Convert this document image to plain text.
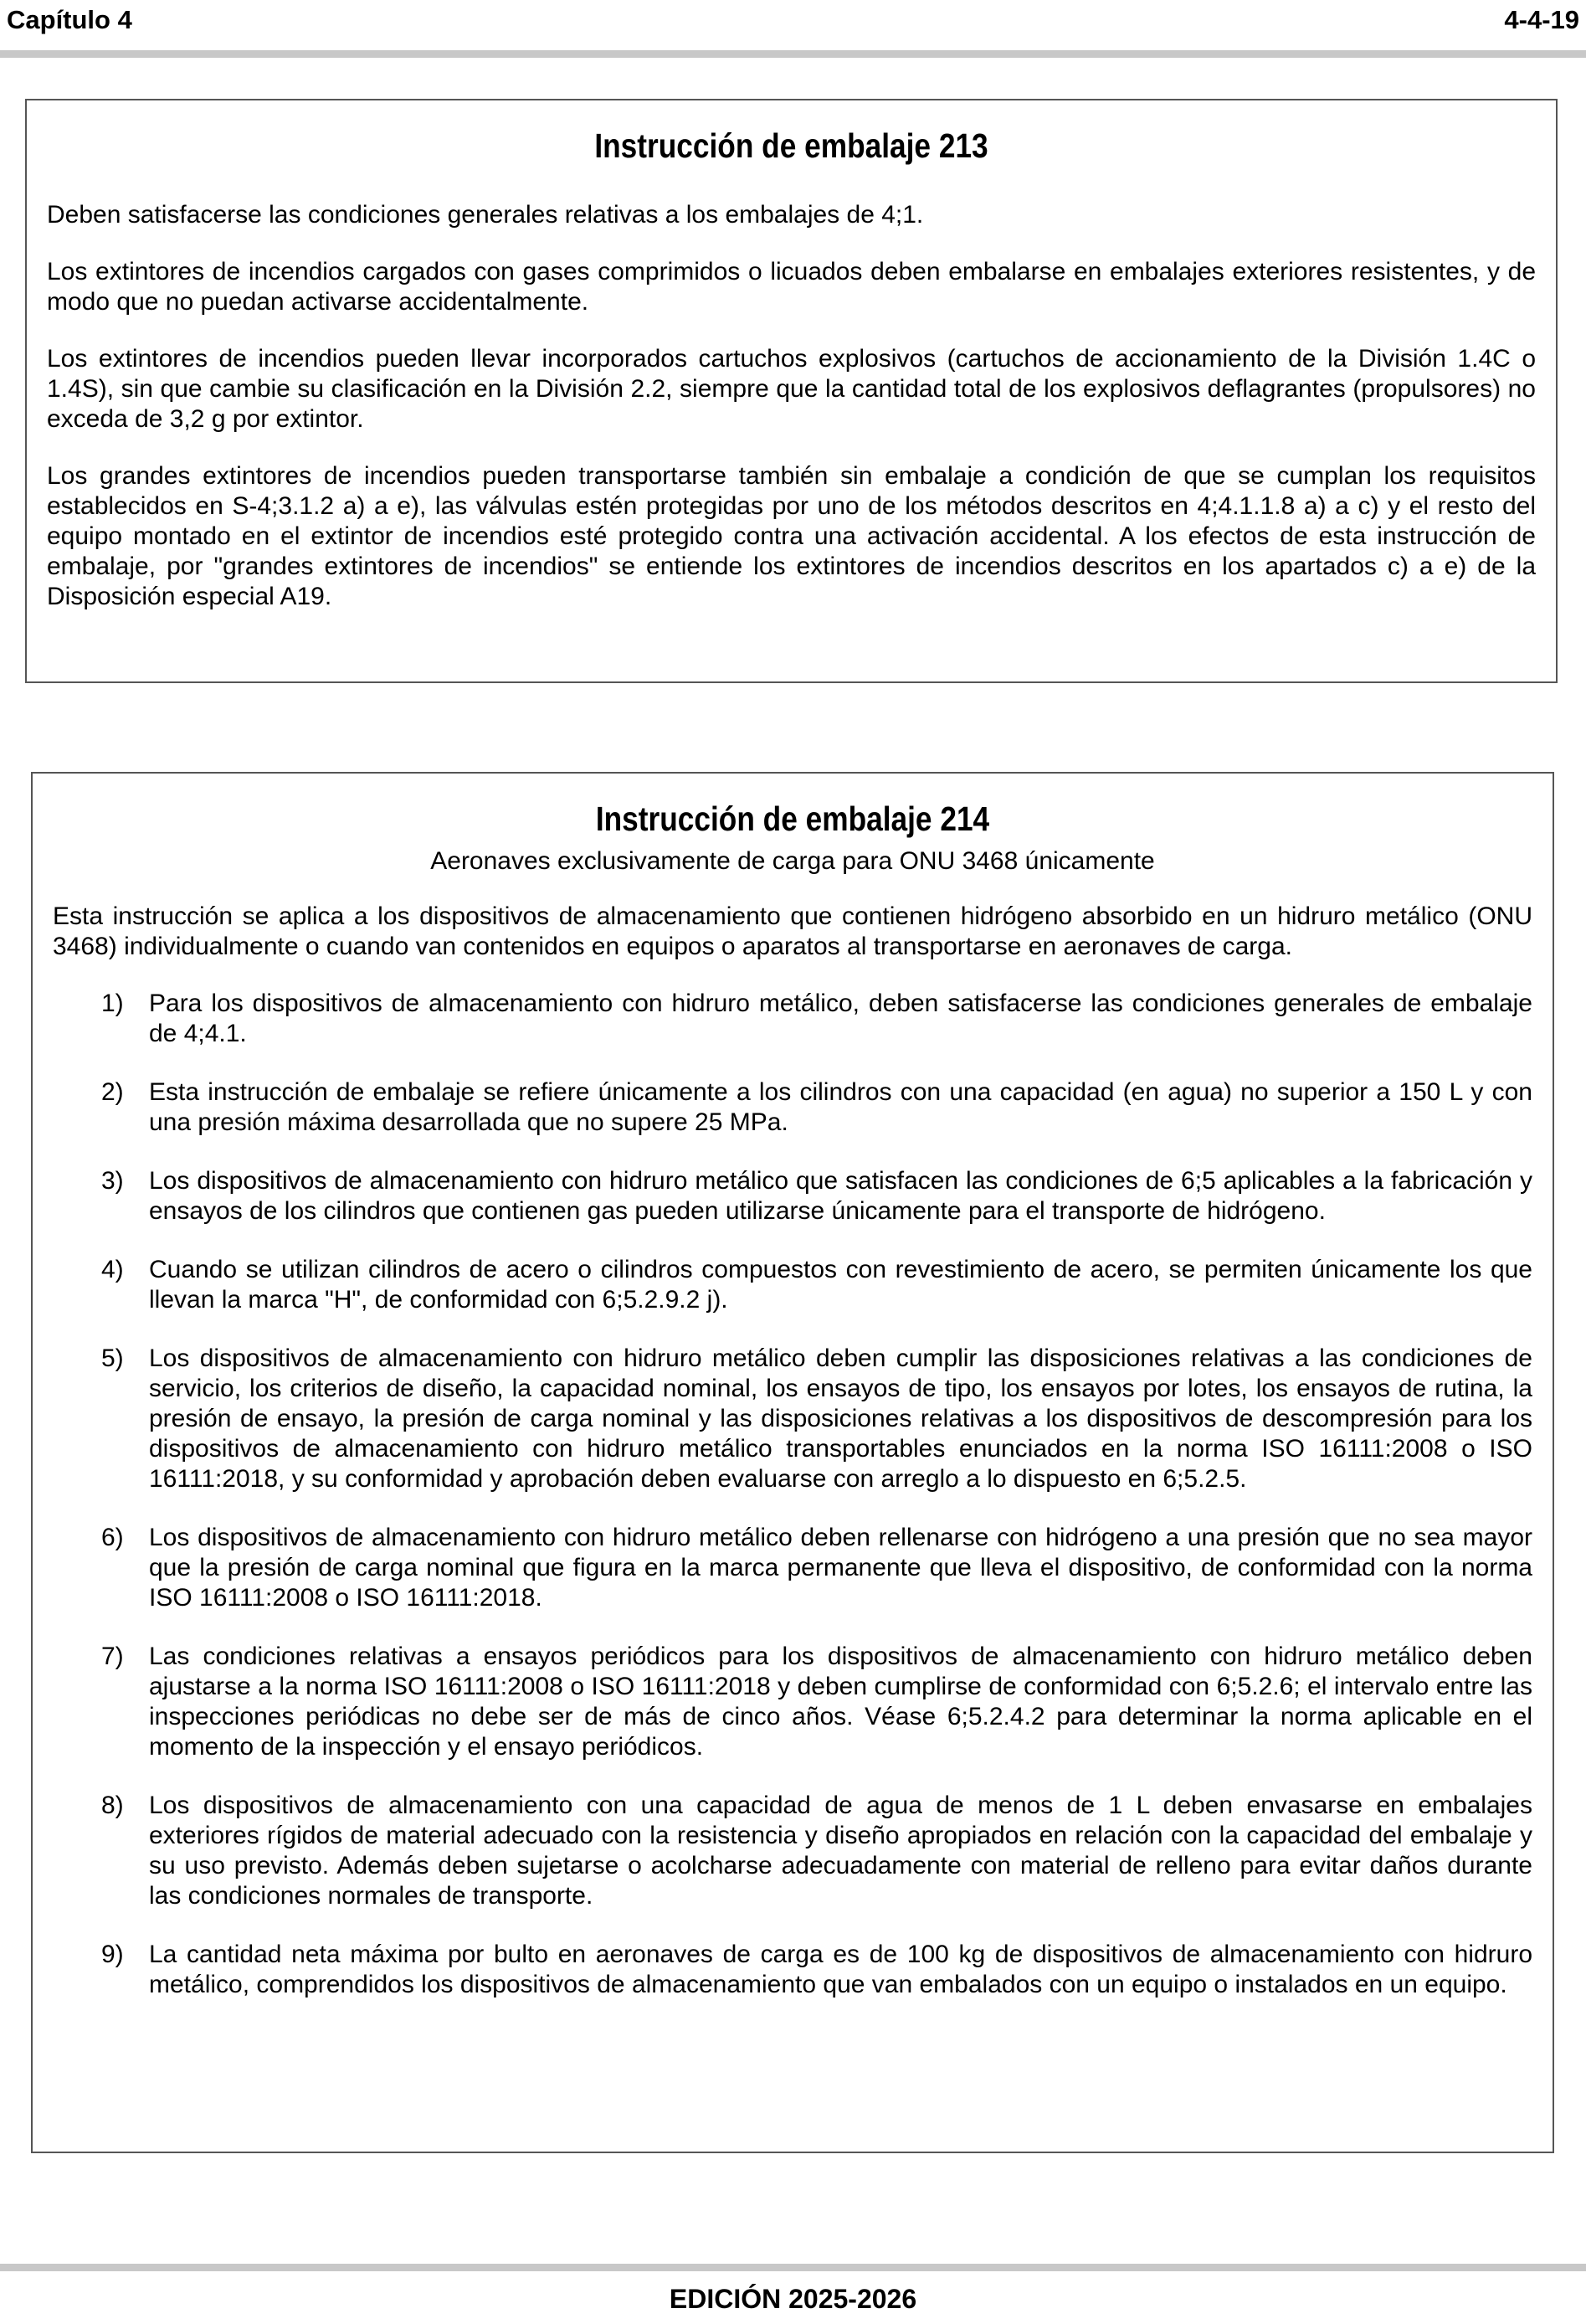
Capítulo 4	4-4-19
Instrucción de embalaje 213

Deben satisfacerse las condiciones generales relativas a los embalajes de 4;1.

Los extintores de incendios cargados con gases comprimidos o licuados deben embalarse en embalajes exteriores resistentes, y de modo que no puedan activarse accidentalmente.

Los extintores de incendios pueden llevar incorporados cartuchos explosivos (cartuchos de accionamiento de la División 1.4C o 1.4S), sin que cambie su clasificación en la División 2.2, siempre que la cantidad total de los explosivos deflagrantes (propulsores) no exceda de 3,2 g por extintor.

Los grandes extintores de incendios pueden transportarse también sin embalaje a condición de que se cumplan los requisitos establecidos en S-4;3.1.2 a) a e), las válvulas estén protegidas por uno de los métodos descritos en 4;4.1.1.8 a) a c) y el resto del equipo montado en el extintor de incendios esté protegido contra una activación accidental. A los efectos de esta instrucción de embalaje, por "grandes extintores de incendios" se entiende los extintores de incendios descritos en los apartados c) a e) de la Disposición especial A19.

Instrucción de embalaje 214

Aeronaves exclusivamente de carga para ONU 3468 únicamente

Esta instrucción se aplica a los dispositivos de almacenamiento que contienen hidrógeno absorbido en un hidruro metálico (ONU 3468) individualmente o cuando van contenidos en equipos o aparatos al transportarse en aeronaves de carga.

1)	Para los dispositivos de almacenamiento con hidruro metálico, deben satisfacerse las condiciones generales de embalaje de 4;4.1.
2)	Esta instrucción de embalaje se refiere únicamente a los cilindros con una capacidad (en agua) no superior a 150 L y con una presión máxima desarrollada que no supere 25 MPa.
3)	Los dispositivos de almacenamiento con hidruro metálico que satisfacen las condiciones de 6;5 aplicables a la fabricación y ensayos de los cilindros que contienen gas pueden utilizarse únicamente para el transporte de hidrógeno.
4)	Cuando se utilizan cilindros de acero o cilindros compuestos con revestimiento de acero, se permiten únicamente los que llevan la marca "H", de conformidad con 6;5.2.9.2 j).
5)	Los dispositivos de almacenamiento con hidruro metálico deben cumplir las disposiciones relativas a las condiciones de servicio, los criterios de diseño, la capacidad nominal, los ensayos de tipo, los ensayos por lotes, los ensayos de rutina, la presión de ensayo, la presión de carga nominal y las disposiciones relativas a los dispositivos de descompresión para los dispositivos de almacenamiento con hidruro metálico transportables enunciados en la norma ISO 16111:2008 o ISO 16111:2018, y su conformidad y aprobación deben evaluarse con arreglo a lo dispuesto en 6;5.2.5.
6)	Los dispositivos de almacenamiento con hidruro metálico deben rellenarse con hidrógeno a una presión que no sea mayor que la presión de carga nominal que figura en la marca permanente que lleva el dispositivo, de conformidad con la norma ISO 16111:2008 o ISO 16111:2018.
7)	Las condiciones relativas a ensayos periódicos para los dispositivos de almacenamiento con hidruro metálico deben ajustarse a la norma ISO 16111:2008 o ISO 16111:2018 y deben cumplirse de conformidad con 6;5.2.6; el intervalo entre las inspecciones periódicas no debe ser de más de cinco años. Véase 6;5.2.4.2 para determinar la norma aplicable en el momento de la inspección y el ensayo periódicos.
8)	Los dispositivos de almacenamiento con una capacidad de agua de menos de 1 L deben envasarse en embalajes exteriores rígidos de material adecuado con la resistencia y diseño apropiados en relación con la capacidad del embalaje y su uso previsto. Además deben sujetarse o acolcharse adecuadamente con material de relleno para evitar daños durante las condiciones normales de transporte.
9)	La cantidad neta máxima por bulto en aeronaves de carga es de 100 kg de dispositivos de almacenamiento con hidruro metálico, comprendidos los dispositivos de almacenamiento que van embalados con un equipo o instalados en un equipo.
EDICIÓN 2025-2026
